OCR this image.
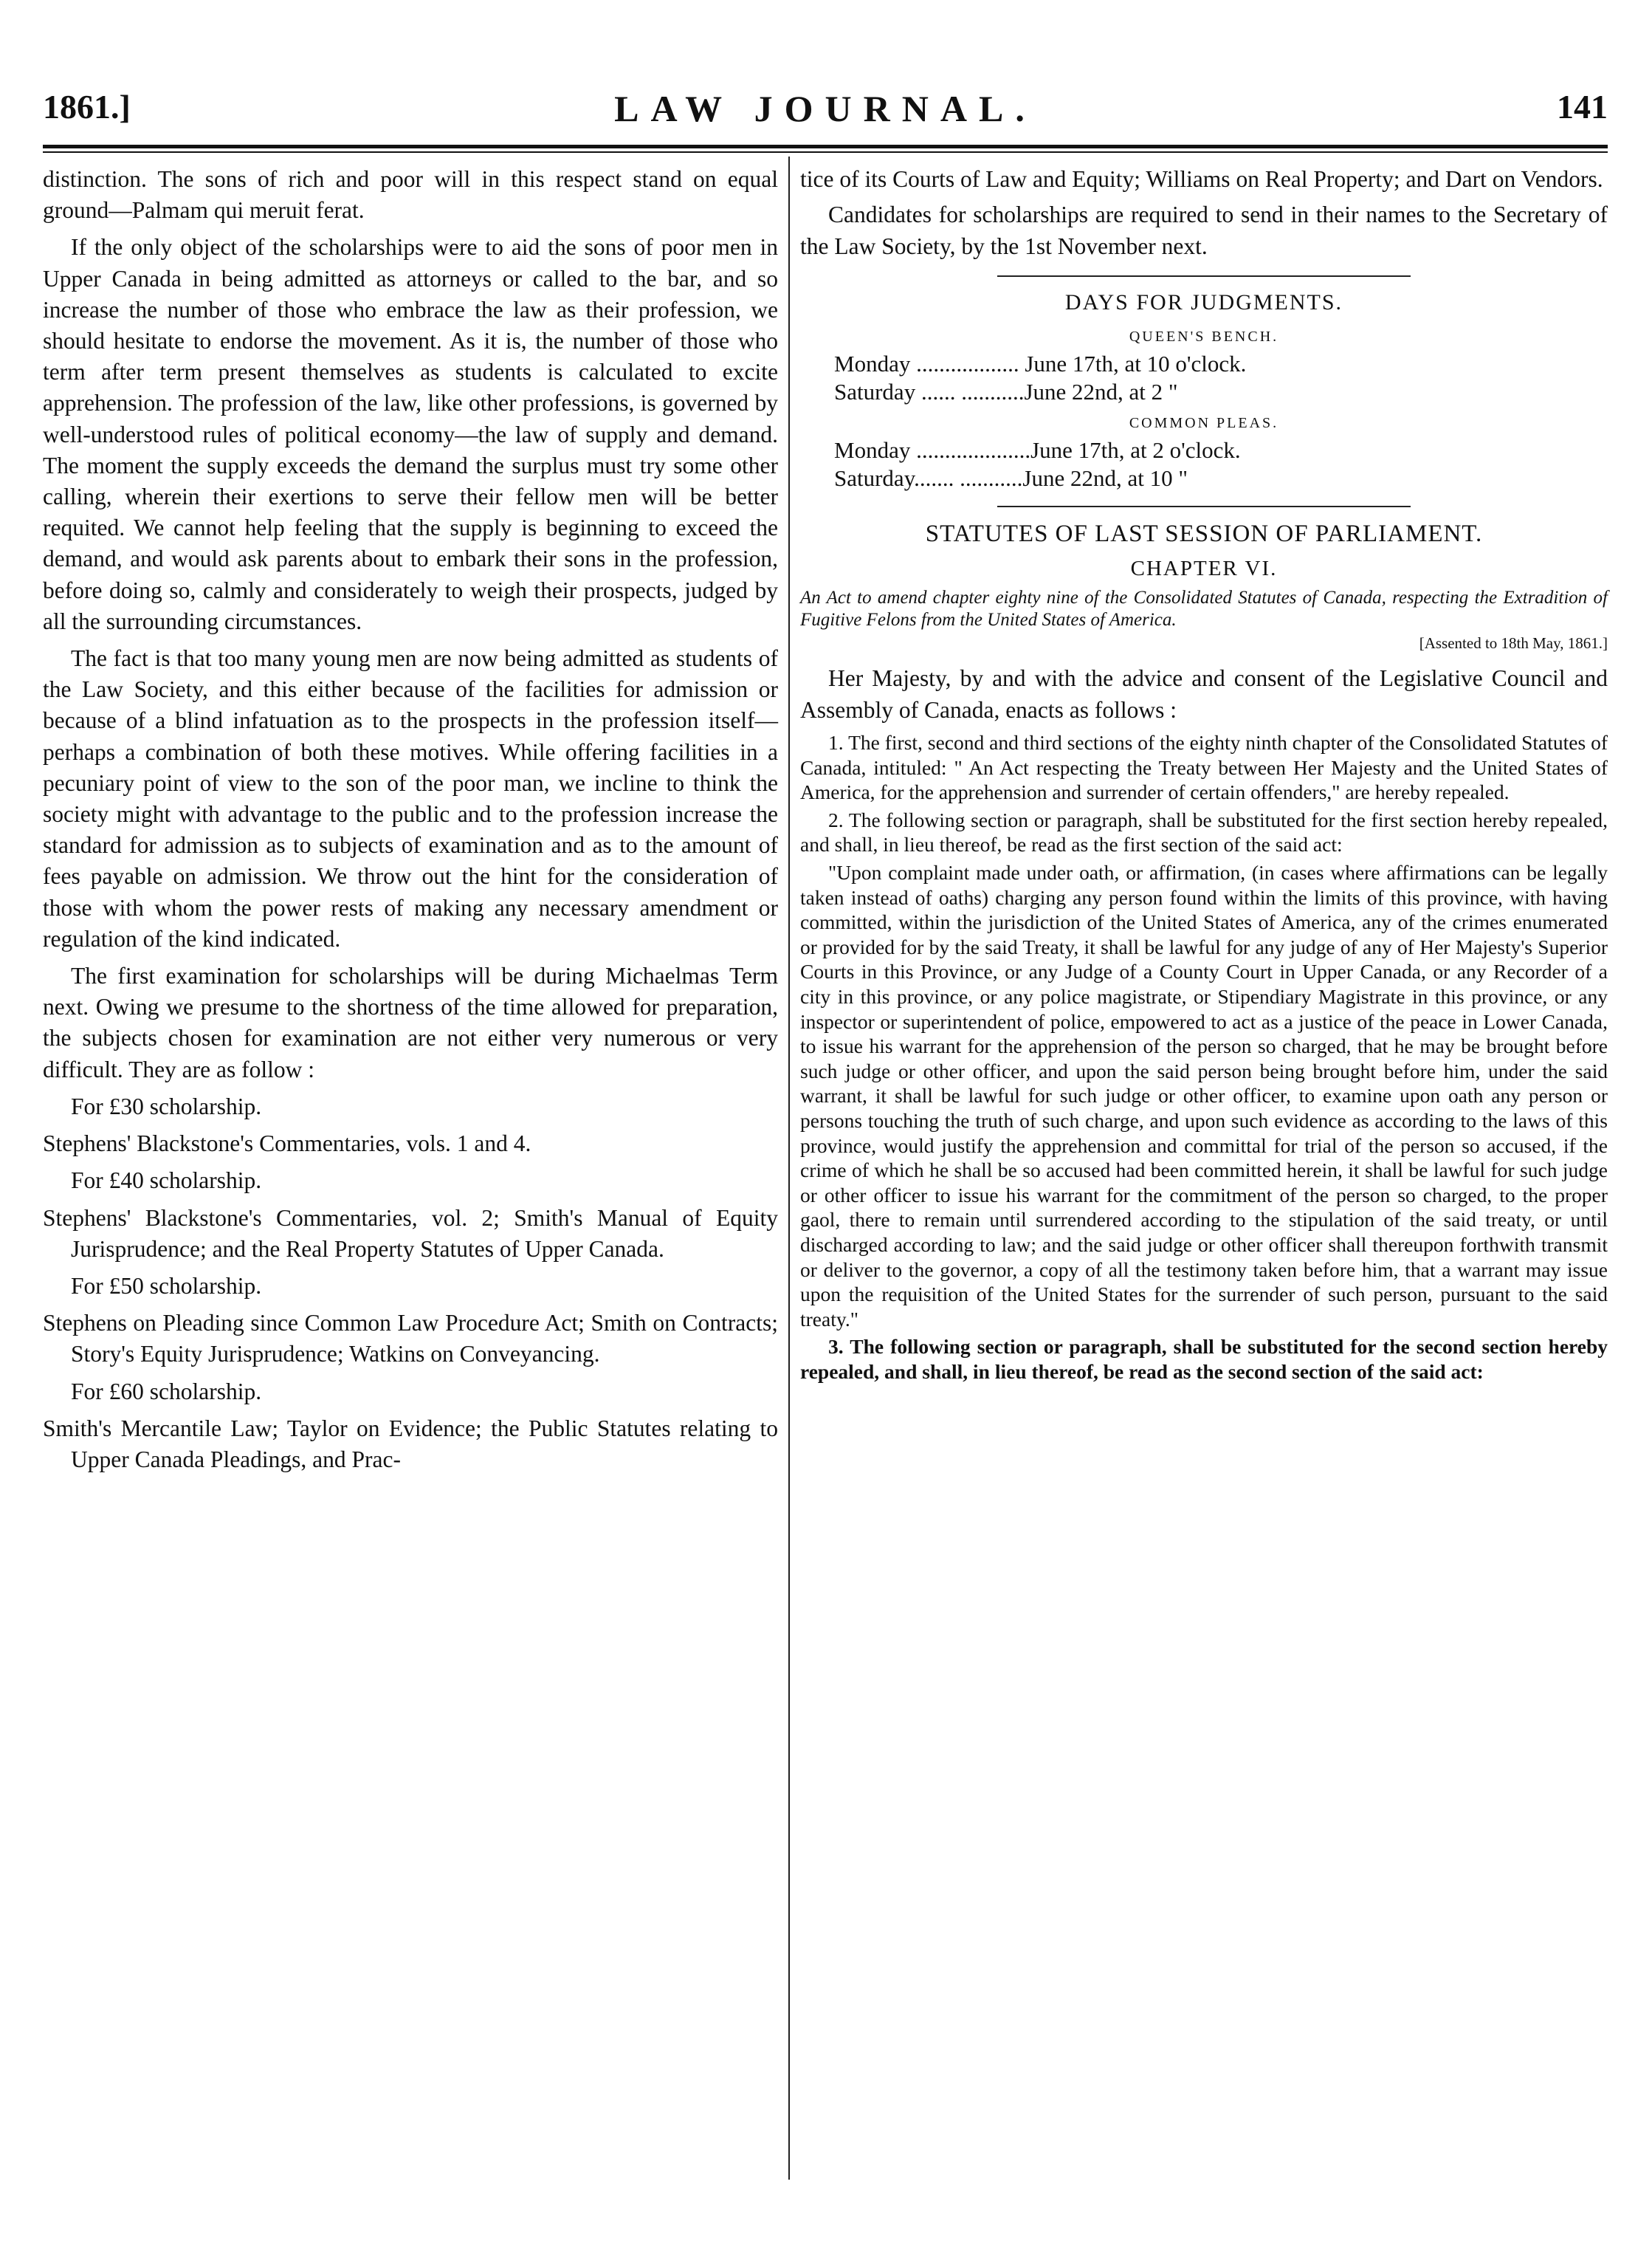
1861.]	LAW JOURNAL.	141

distinction. The sons of rich and poor will in this respect stand on equal ground—Palmam qui meruit ferat.

If the only object of the scholarships were to aid the sons of poor men in Upper Canada in being admitted as attorneys or called to the bar, and so increase the number of those who embrace the law as their profession, we should hesitate to endorse the movement. As it is, the number of those who term after term present themselves as students is calculated to excite apprehension. The profession of the law, like other professions, is governed by well-understood rules of political economy—the law of supply and demand. The moment the supply exceeds the demand the surplus must try some other calling, wherein their exertions to serve their fellow men will be better requited. We cannot help feeling that the supply is beginning to exceed the demand, and would ask parents about to embark their sons in the profession, before doing so, calmly and considerately to weigh their prospects, judged by all the surrounding circumstances.

The fact is that too many young men are now being admitted as students of the Law Society, and this either because of the facilities for admission or because of a blind infatuation as to the prospects in the profession itself—perhaps a combination of both these motives. While offering facilities in a pecuniary point of view to the son of the poor man, we incline to think the society might with advantage to the public and to the profession increase the standard for admission as to subjects of examination and as to the amount of fees payable on admission. We throw out the hint for the consideration of those with whom the power rests of making any necessary amendment or regulation of the kind indicated.

The first examination for scholarships will be during Michaelmas Term next. Owing we presume to the shortness of the time allowed for preparation, the subjects chosen for examination are not either very numerous or very difficult. They are as follow :

For £30 scholarship.

Stephens' Blackstone's Commentaries, vols. 1 and 4.

For £40 scholarship.

Stephens' Blackstone's Commentaries, vol. 2; Smith's Manual of Equity Jurisprudence; and the Real Property Statutes of Upper Canada.

For £50 scholarship.

Stephens on Pleading since Common Law Procedure Act; Smith on Contracts; Story's Equity Jurisprudence; Watkins on Conveyancing.

For £60 scholarship.

Smith's Mercantile Law; Taylor on Evidence; the Public Statutes relating to Upper Canada Pleadings, and Prac-

tice of its Courts of Law and Equity; Williams on Real Property; and Dart on Vendors.

Candidates for scholarships are required to send in their names to the Secretary of the Law Society, by the 1st November next.

DAYS FOR JUDGMENTS.
QUEEN'S BENCH.
Monday .................. June 17th, at 10 o'clock.
Saturday ...... ...........June 22nd, at 2 "
COMMON PLEAS.
Monday ....................June 17th, at 2 o'clock.
Saturday....... ...........June 22nd, at 10 "
STATUTES OF LAST SESSION OF PARLIAMENT.
CHAPTER VI.

An Act to amend chapter eighty nine of the Consolidated Statutes of Canada, respecting the Extradition of Fugitive Felons from the United States of America.

[Assented to 18th May, 1861.]

Her Majesty, by and with the advice and consent of the Legislative Council and Assembly of Canada, enacts as follows :

1. The first, second and third sections of the eighty ninth chapter of the Consolidated Statutes of Canada, intituled: " An Act respecting the Treaty between Her Majesty and the United States of America, for the apprehension and surrender of certain offenders," are hereby repealed.

2. The following section or paragraph, shall be substituted for the first section hereby repealed, and shall, in lieu thereof, be read as the first section of the said act:

"Upon complaint made under oath, or affirmation, (in cases where affirmations can be legally taken instead of oaths) charging any person found within the limits of this province, with having committed, within the jurisdiction of the United States of America, any of the crimes enumerated or provided for by the said Treaty, it shall be lawful for any judge of any of Her Majesty's Superior Courts in this Province, or any Judge of a County Court in Upper Canada, or any Recorder of a city in this province, or any police magistrate, or Stipendiary Magistrate in this province, or any inspector or superintendent of police, empowered to act as a justice of the peace in Lower Canada, to issue his warrant for the apprehension of the person so charged, that he may be brought before such judge or other officer, and upon the said person being brought before him, under the said warrant, it shall be lawful for such judge or other officer, to examine upon oath any person or persons touching the truth of such charge, and upon such evidence as according to the laws of this province, would justify the apprehension and committal for trial of the person so accused, if the crime of which he shall be so accused had been committed herein, it shall be lawful for such judge or other officer to issue his warrant for the commitment of the person so charged, to the proper gaol, there to remain until surrendered according to the stipulation of the said treaty, or until discharged according to law; and the said judge or other officer shall thereupon forthwith transmit or deliver to the governor, a copy of all the testimony taken before him, that a warrant may issue upon the requisition of the United States for the surrender of such person, pursuant to the said treaty."

3. The following section or paragraph, shall be substituted for the second section hereby repealed, and shall, in lieu thereof, be read as the second section of the said act:
